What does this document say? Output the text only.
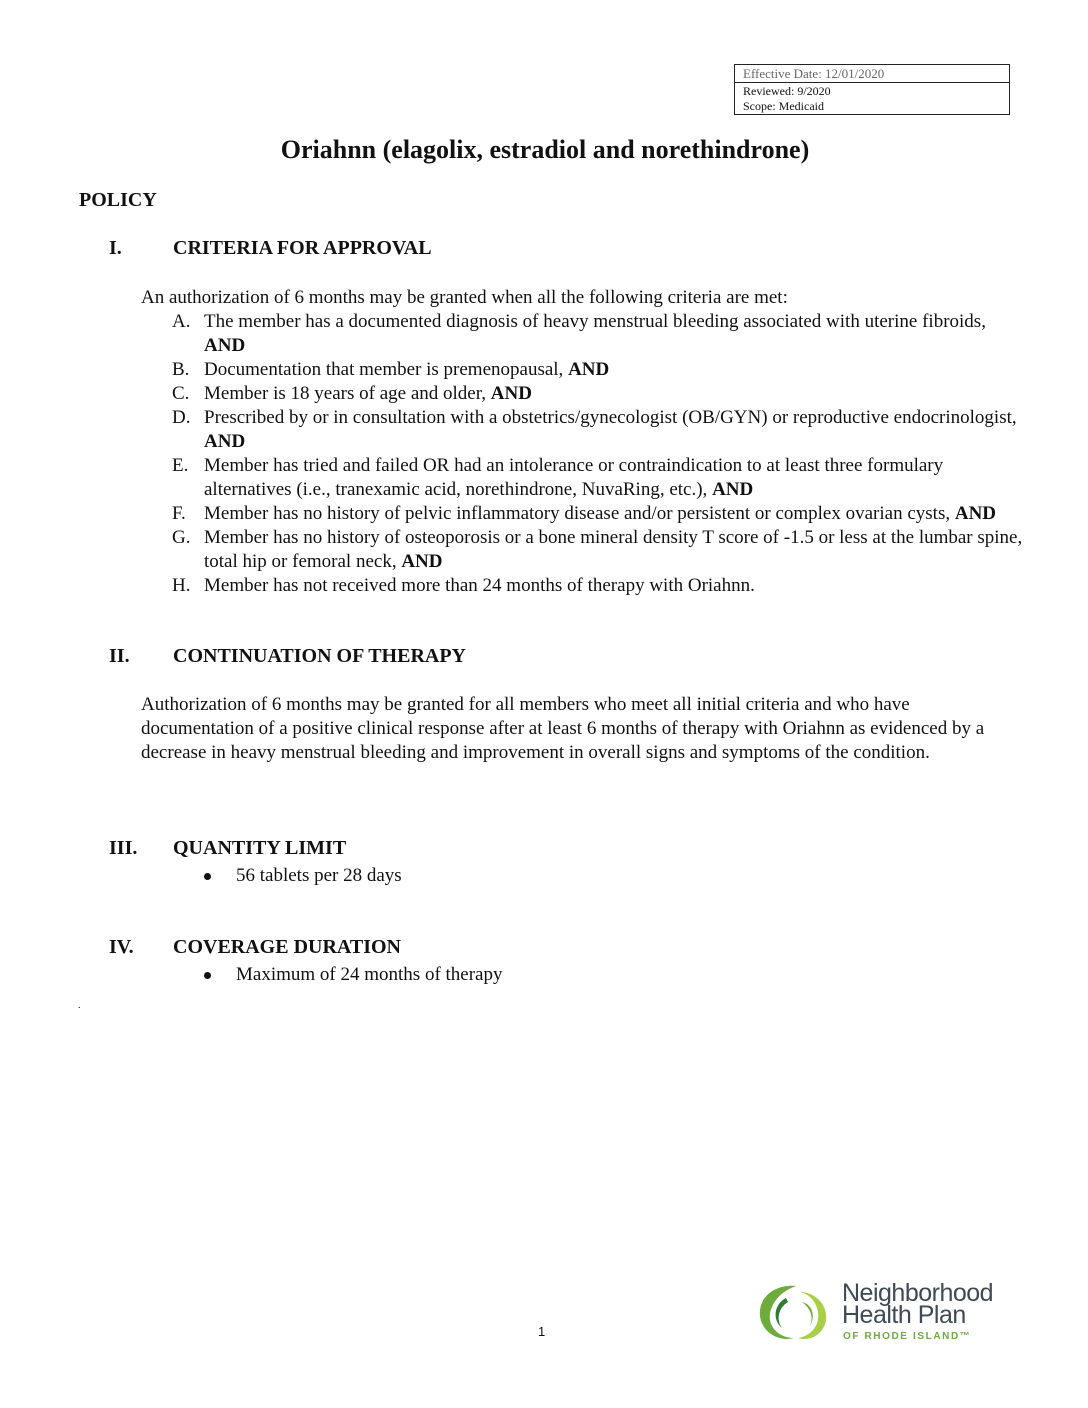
Effective Date: 12/01/2020
Reviewed: 9/2020
Scope: Medicaid
Oriahnn (elagolix, estradiol and norethindrone)
POLICY
I.	CRITERIA FOR APPROVAL
An authorization of 6 months may be granted when all the following criteria are met:
A. The member has a documented diagnosis of heavy menstrual bleeding associated with uterine fibroids, AND
B. Documentation that member is premenopausal, AND
C. Member is 18 years of age and older, AND
D. Prescribed by or in consultation with a obstetrics/gynecologist (OB/GYN) or reproductive endocrinologist, AND
E. Member has tried and failed OR had an intolerance or contraindication to at least three formulary alternatives (i.e., tranexamic acid, norethindrone, NuvaRing, etc.), AND
F. Member has no history of pelvic inflammatory disease and/or persistent or complex ovarian cysts, AND
G. Member has no history of osteoporosis or a bone mineral density T score of -1.5 or less at the lumbar spine, total hip or femoral neck, AND
H. Member has not received more than 24 months of therapy with Oriahnn.
II. CONTINUATION OF THERAPY
Authorization of 6 months may be granted for all members who meet all initial criteria and who have documentation of a positive clinical response after at least 6 months of therapy with Oriahnn as evidenced by a decrease in heavy menstrual bleeding and improvement in overall signs and symptoms of the condition.
III. QUANTITY LIMIT
56 tablets per 28 days
IV. COVERAGE DURATION
Maximum of 24 months of therapy
.
1
Neighborhood
Health Plan
OF RHODE ISLAND™
